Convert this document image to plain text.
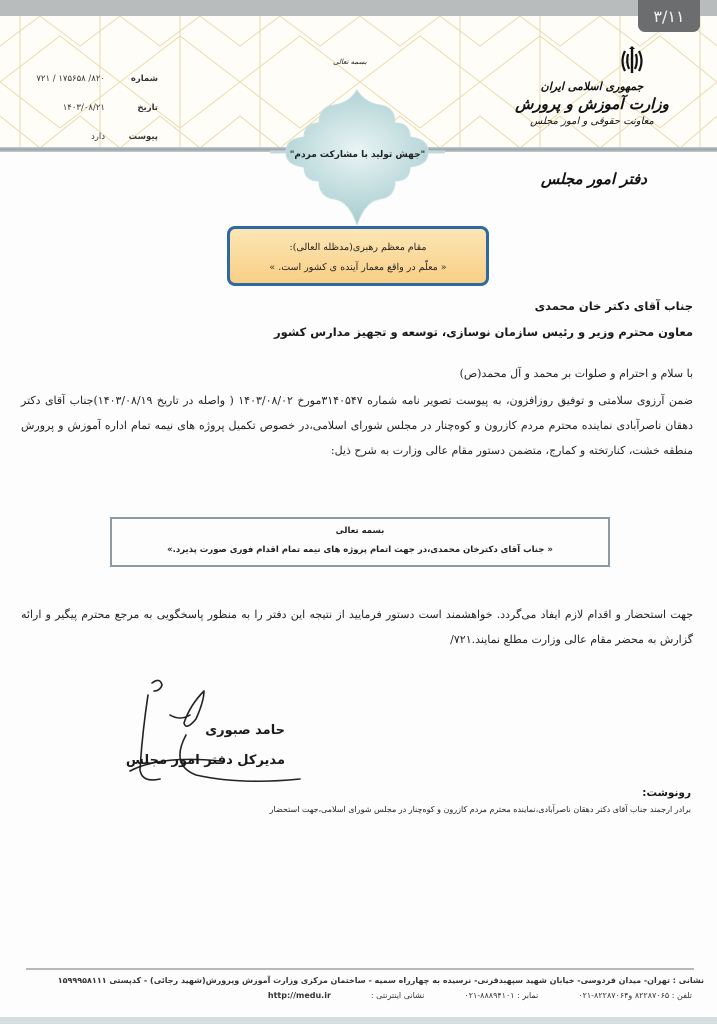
۳/۱۱
شماره
۸۲۰/ ۱۷۵۶۵۸ / ۷۲۱
تاریخ
۱۴۰۳/۰۸/۲۱
پیوست
دارد
بسمه تعالی
"جهش تولید با مشارکت مردم"
جمهوری اسلامی ایران
وزارت آموزش و پرورش
معاونت حقوقی و امور مجلس
دفتر امور مجلس
مقام معظم رهبری(مدظله العالی):
« معلّم در واقع معمار آینده ی کشور است. »
جناب آقای دکتر خان محمدی
معاون محترم وزیر و رئیس سازمان نوسازی، توسعه و تجهیز مدارس کشور
با سلام و احترام و صلوات بر محمد و آل محمد(ص)
ضمن آرزوی سلامتی و توفیق روزافزون، به پیوست تصویر نامه شماره ۳۱۴۰۵۴۷مورخ ۱۴۰۳/۰۸/۰۲ ( واصله در تاریخ ۱۴۰۳/۰۸/۱۹)جناب آقای دکتر دهقان ناصرآبادی نماینده محترم مردم کازرون و کوه‌چنار در مجلس شورای اسلامی،در خصوص تکمیل پروژه های نیمه تمام اداره آموزش و پرورش منطقه خشت، کنارتخته و کمارج، متضمن دستور مقام عالی وزارت به شرح ذیل:
بسمه تعالی
« جناب آقای دکترخان محمدی،در جهت اتمام پروژه های نیمه تمام اقدام فوری صورت پذیرد.»
جهت استحضار و اقدام لازم ایفاد می‌گردد. خواهشمند است دستور فرمایید از نتیجه این دفتر را به منظور پاسخگویی به مرجع محترم پیگیر و ارائه گزارش به محضر مقام عالی وزارت مطلع نمایند.۷۲۱/
حامد صبوری
مدیرکل دفتر امور مجلس
رونوشت:
برادر ارجمند جناب آقای دکتر دهقان ناصرآبادی،نماینده محترم مردم کازرون و کوه‌چنار در مجلس شورای اسلامی،جهت استحضار
نشانی : تهران- میدان فردوسی- خیابان شهید سپهبدقرنی- نرسیده به چهارراه سمیه - ساختمان مرکزی وزارت آموزش وپرورش(شهید رجائی) - کدپستی ۱۵۹۹۹۵۸۱۱۱
تلفن : ۸۲۲۸۷۰۶۵ و۸۲۲۸۷۰۶۴-۰۲۱
نمابر : ۸۸۸۹۴۱۰۱-۰۲۱
نشانی اینترنتی :
http://medu.ir
